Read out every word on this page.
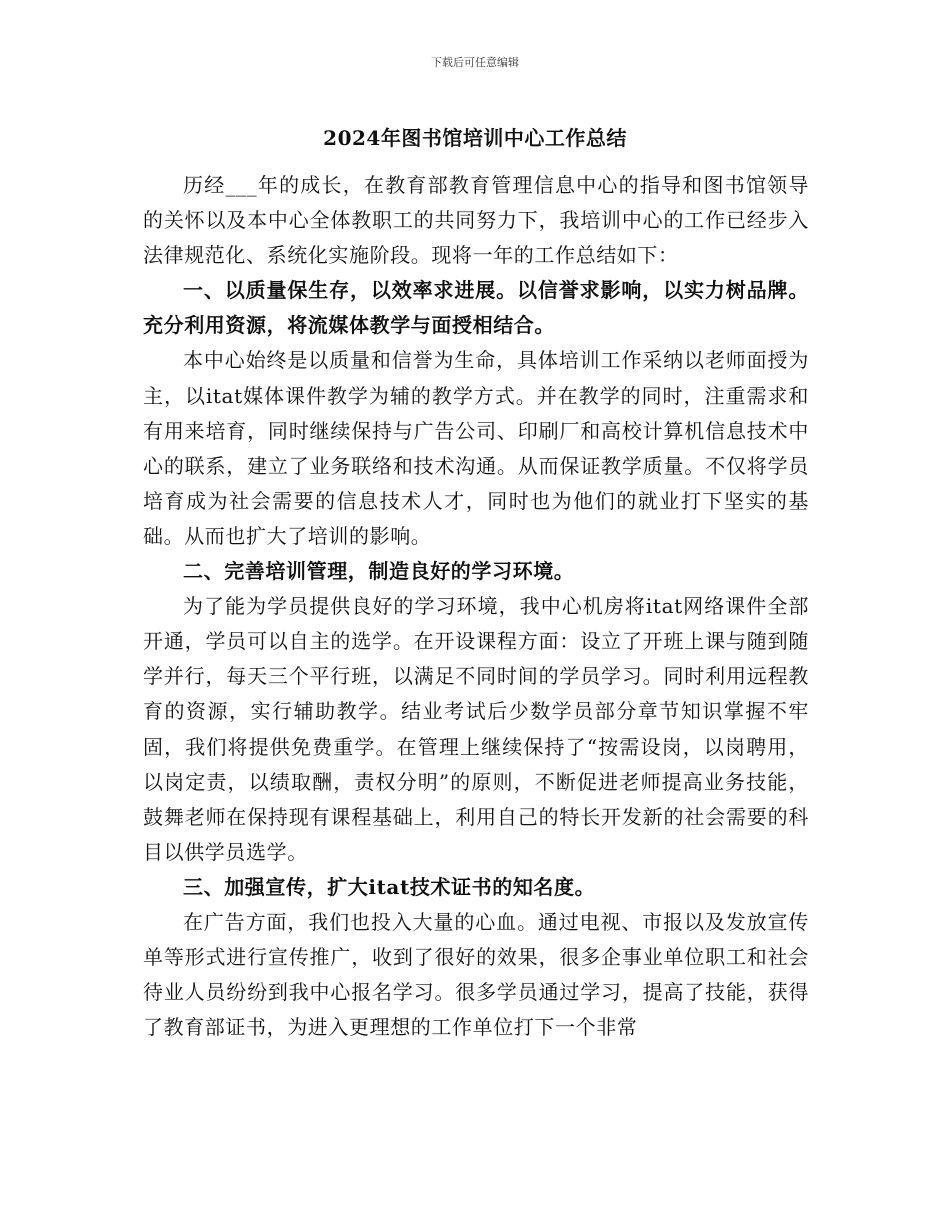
下载后可任意编辑
2024年图书馆培训中心工作总结

历经___年的成长，在教育部教育管理信息中心的指导和图书馆领导的关怀以及本中心全体教职工的共同努力下，我培训中心的工作已经步入法律规范化、系统化实施阶段。现将一年的工作总结如下：

一、以质量保生存，以效率求进展。以信誉求影响，以实力树品牌。充分利用资源，将流媒体教学与面授相结合。

本中心始终是以质量和信誉为生命，具体培训工作采纳以老师面授为主，以itat媒体课件教学为辅的教学方式。并在教学的同时，注重需求和有用来培育，同时继续保持与广告公司、印刷厂和高校计算机信息技术中心的联系，建立了业务联络和技术沟通。从而保证教学质量。不仅将学员培育成为社会需要的信息技术人才，同时也为他们的就业打下坚实的基础。从而也扩大了培训的影响。

二、完善培训管理，制造良好的学习环境。

为了能为学员提供良好的学习环境，我中心机房将itat网络课件全部开通，学员可以自主的选学。在开设课程方面：设立了开班上课与随到随学并行，每天三个平行班，以满足不同时间的学员学习。同时利用远程教育的资源，实行辅助教学。结业考试后少数学员部分章节知识掌握不牢固，我们将提供免费重学。在管理上继续保持了“按需设岗，以岗聘用，以岗定责，以绩取酬，责权分明”的原则，不断促进老师提高业务技能，鼓舞老师在保持现有课程基础上，利用自己的特长开发新的社会需要的科目以供学员选学。

三、加强宣传，扩大itat技术证书的知名度。

在广告方面，我们也投入大量的心血。通过电视、市报以及发放宣传单等形式进行宣传推广，收到了很好的效果，很多企事业单位职工和社会待业人员纷纷到我中心报名学习。很多学员通过学习，提高了技能，获得了教育部证书，为进入更理想的工作单位打下一个非常
